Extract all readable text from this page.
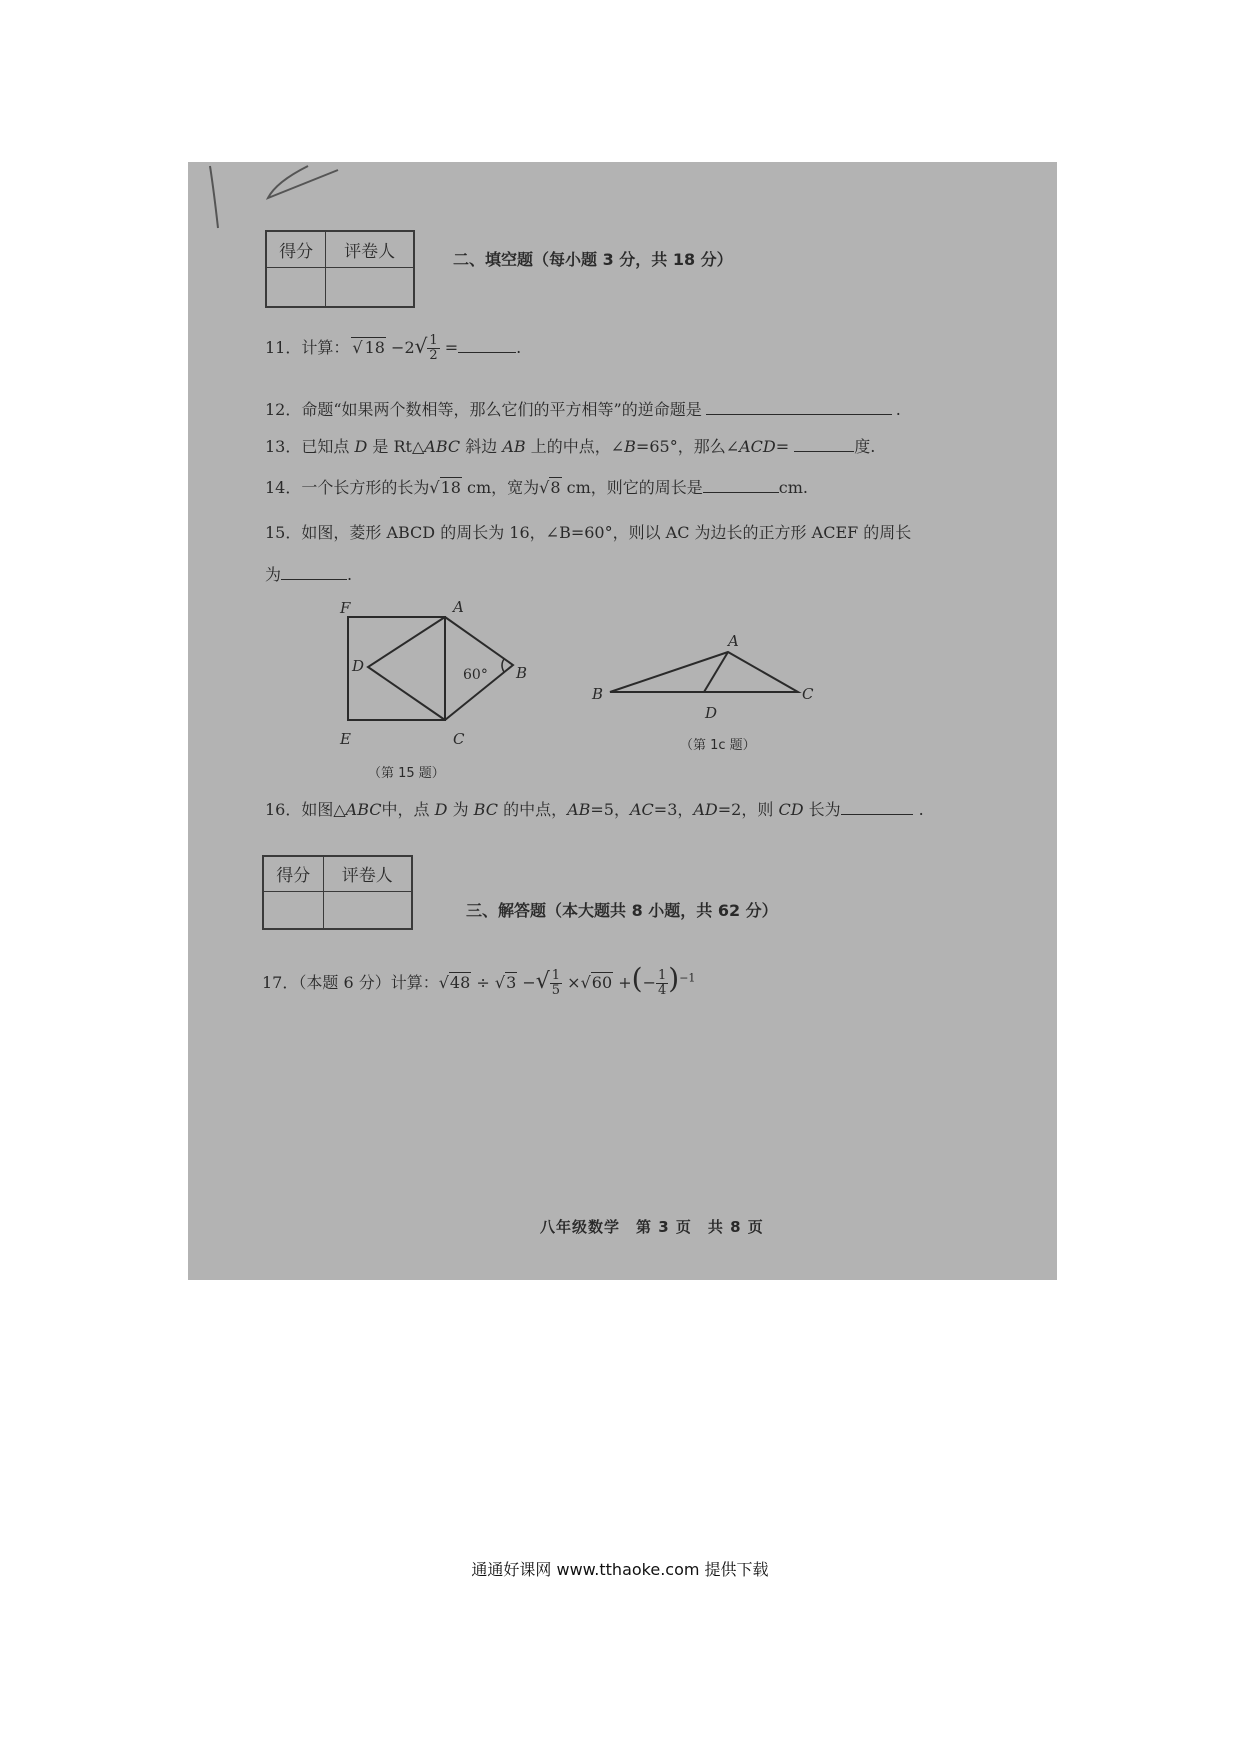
得分	评卷人
		二、填空题（每小题 3 分，共 18 分）
11．计算： √ $18 -2√ \frac{1}{2}$ =	.
12．命题“如果两个数相等，那么它们的平方相等”的逆命题是	.
13．已知点 D 是 Rt△ABC 斜边 AB 上的中点，∠B=65°，那么∠ACD=	度.
14．一个长方形的长为√18 cm，宽为√8 cm，则它的周长是	cm.
15．如图，菱形 ABCD 的周长为 16，∠B=60°，则以 AC 为边长的正方形 ACEF 的周长
为	.
F	A
D	B
E	C
60°
（第 15 题）
A
B
D
C
（第 1c 题）
16．如图△ABC中，点 D 为 BC 的中点，AB=5，AC=3，AD=2，则 CD 长为	.
得分	评卷人

三、解答题（本大题共 8 小题，共 62 分）
17．（本题 6 分）计算：√48 ÷ √3 −√ $\frac{1}{5} \times√60$ +(− $\frac{1}{4} )^{-1}$
八年级数学　第 3 页　共 8 页
通通好课网 www.tthaoke.com 提供下载
